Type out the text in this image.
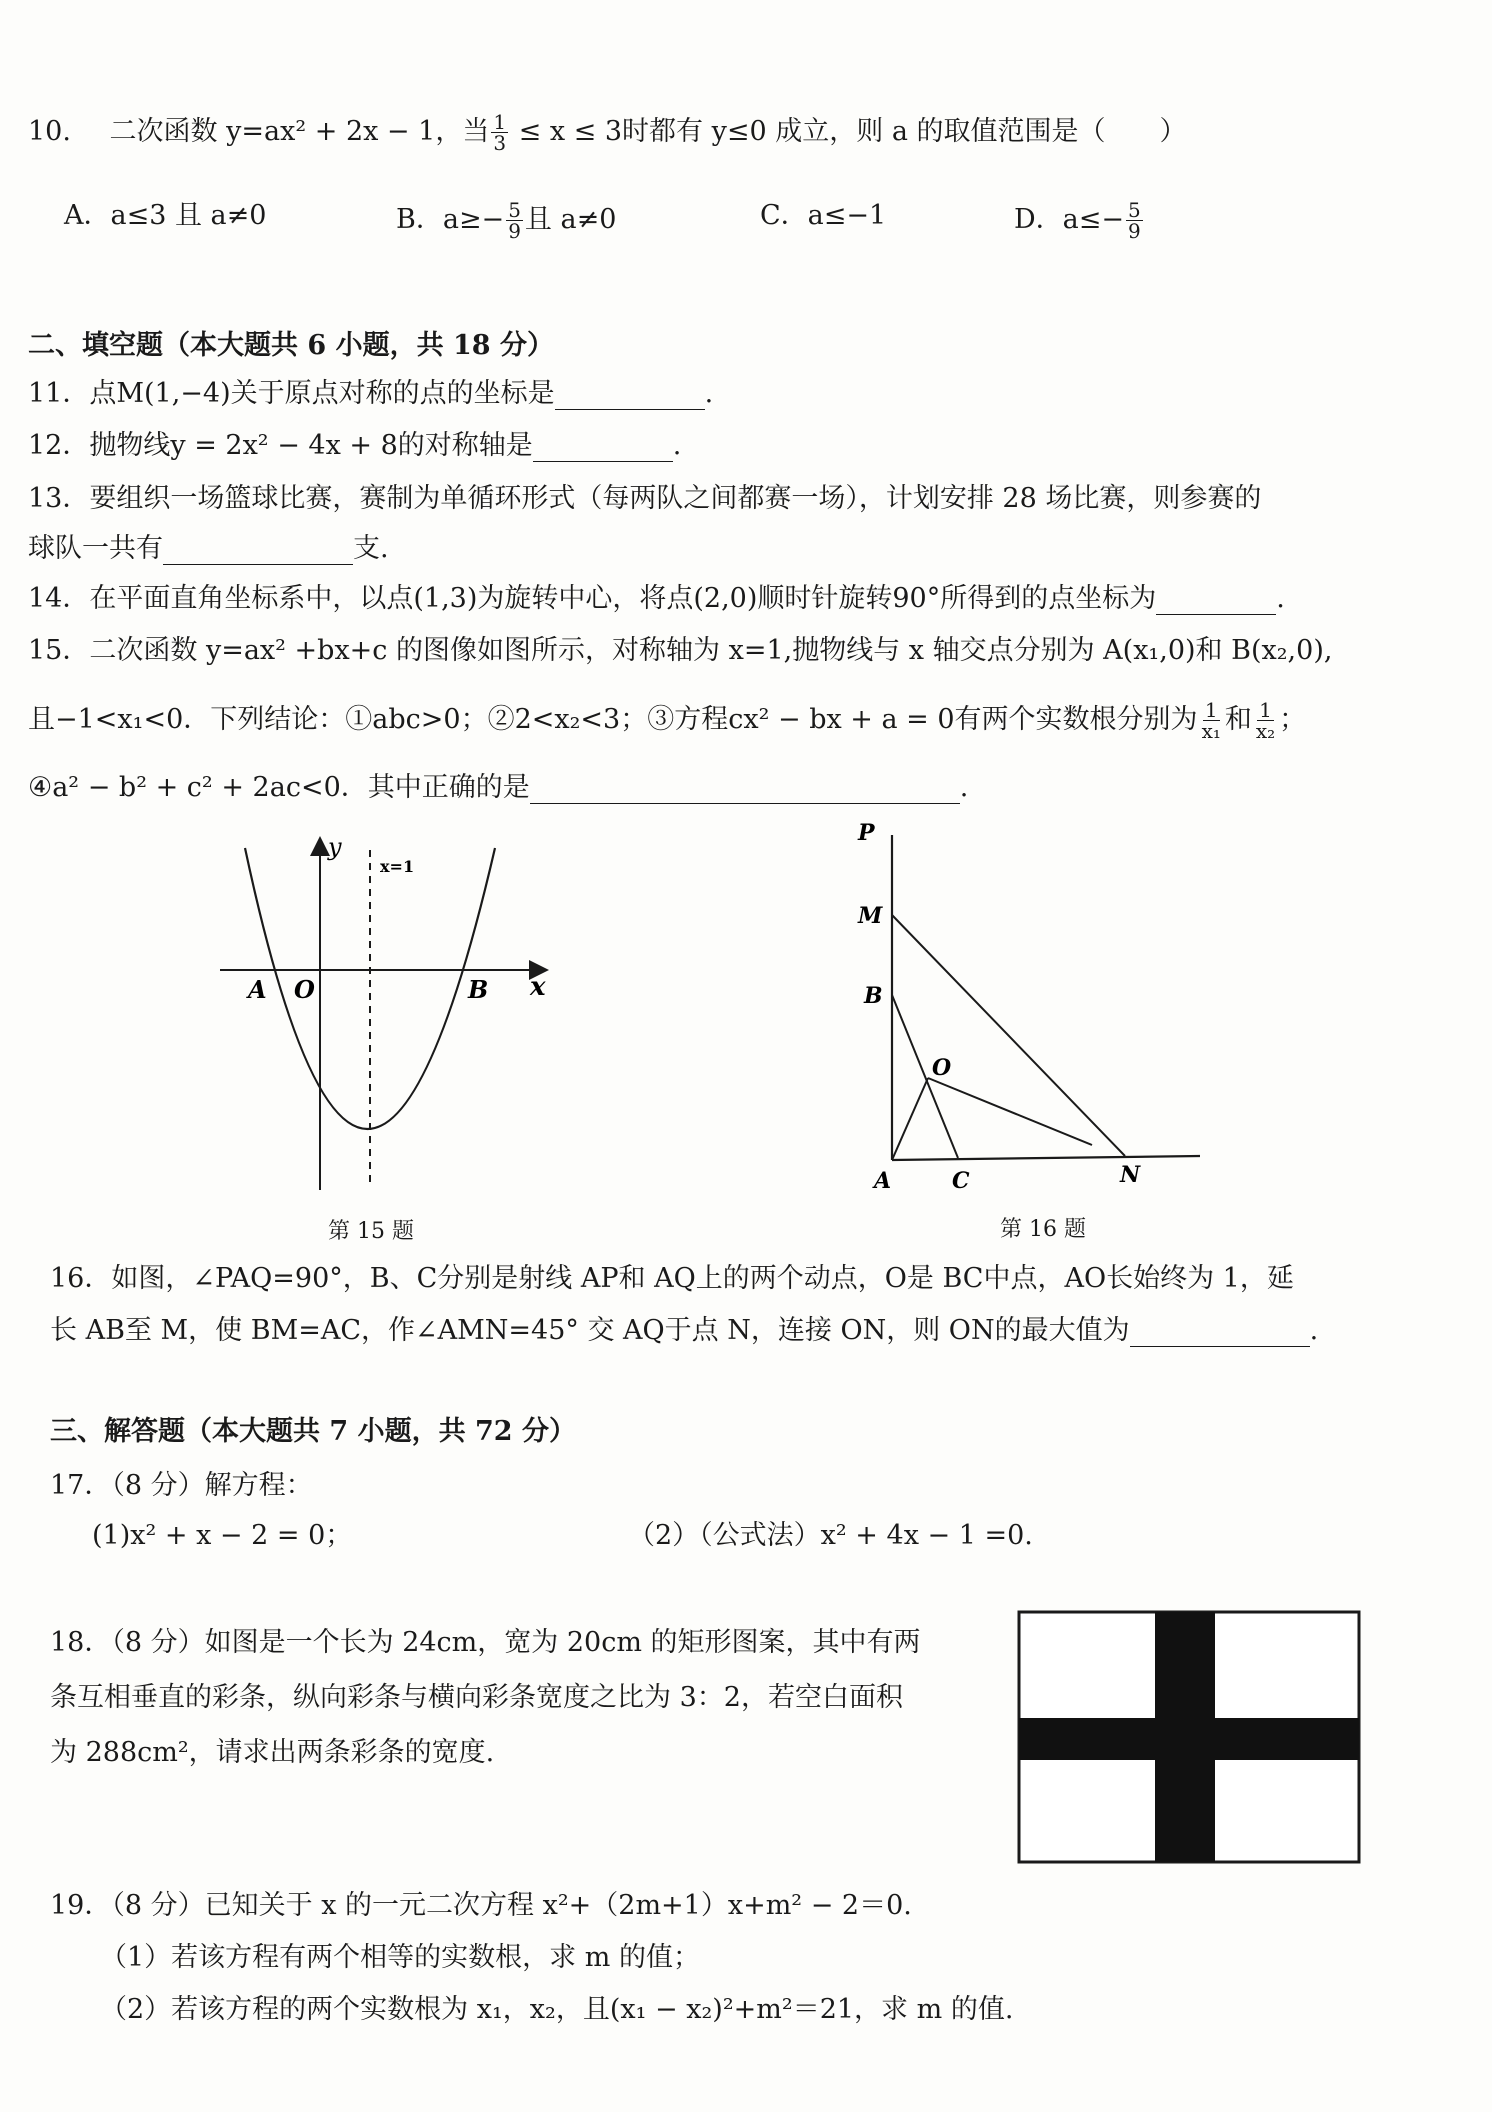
10. 二次函数 y=ax² + 2x − 1，当 $\frac{1}{3} \le x \le 3$时都有 y≤0 成立，则 a 的取值范围是（　　）
A．a≤3 且 a≠0	B．$a\ge- \frac{5}{9}$ 且 a≠0	C．a≤−1	D．$a\le- \frac{5}{9}$
二、填空题（本大题共 6 小题，共 18 分）
11．点M(1,−4)关于原点对称的点的坐标是	.
12．抛物线y = 2x² − 4x + 8的对称轴是	.
13．要组织一场篮球比赛，赛制为单循环形式（每两队之间都赛一场），计划安排 28 场比赛，则参赛的
球队一共有	支.
14．在平面直角坐标系中，以点(1,3)为旋转中心，将点(2,0)顺时针旋转90°所得到的点坐标为	.
15．二次函数 y=ax² +bx+c 的图像如图所示，对称轴为 x=1,抛物线与 x 轴交点分别为 A(x₁,0)和 B(x₂,0),
且−1<x₁<0．下列结论：①abc>0；②2<x₂<3；③方程cx² − bx + a = 0有两个实数根分别为 $\frac{1}{\text{x₁}}$ 和 $\frac{1}{\text{x₂}}$ ；
④a² − b² + c² + 2ac<0．其中正确的是	.
y
x
x=1
A O	B
第 15 题
P
M
B
O
A	C	N
第 16 题
16．如图，∠PAQ=90°，B、C分别是射线 AP和 AQ上的两个动点，O是 BC中点，AO长始终为 1，延
长 AB至 M，使 BM=AC，作∠AMN=45° 交 AQ于点 N，连接 ON，则 ON的最大值为	.
三、解答题（本大题共 7 小题，共 72 分）
17．（8 分）解方程：
(1)x² + x − 2 = 0；	（2）（公式法）x² + 4x − 1 =0.
18．（8 分）如图是一个长为 24cm，宽为 20cm 的矩形图案，其中有两
条互相垂直的彩条，纵向彩条与横向彩条宽度之比为 3：2，若空白面积
为 288cm²，请求出两条彩条的宽度.
19．（8 分）已知关于 x 的一元二次方程 x²+（2m+1）x+m² − 2＝0.
（1）若该方程有两个相等的实数根，求 m 的值；
（2）若该方程的两个实数根为 x₁，x₂，且(x₁ − x₂)²+m²＝21，求 m 的值.
